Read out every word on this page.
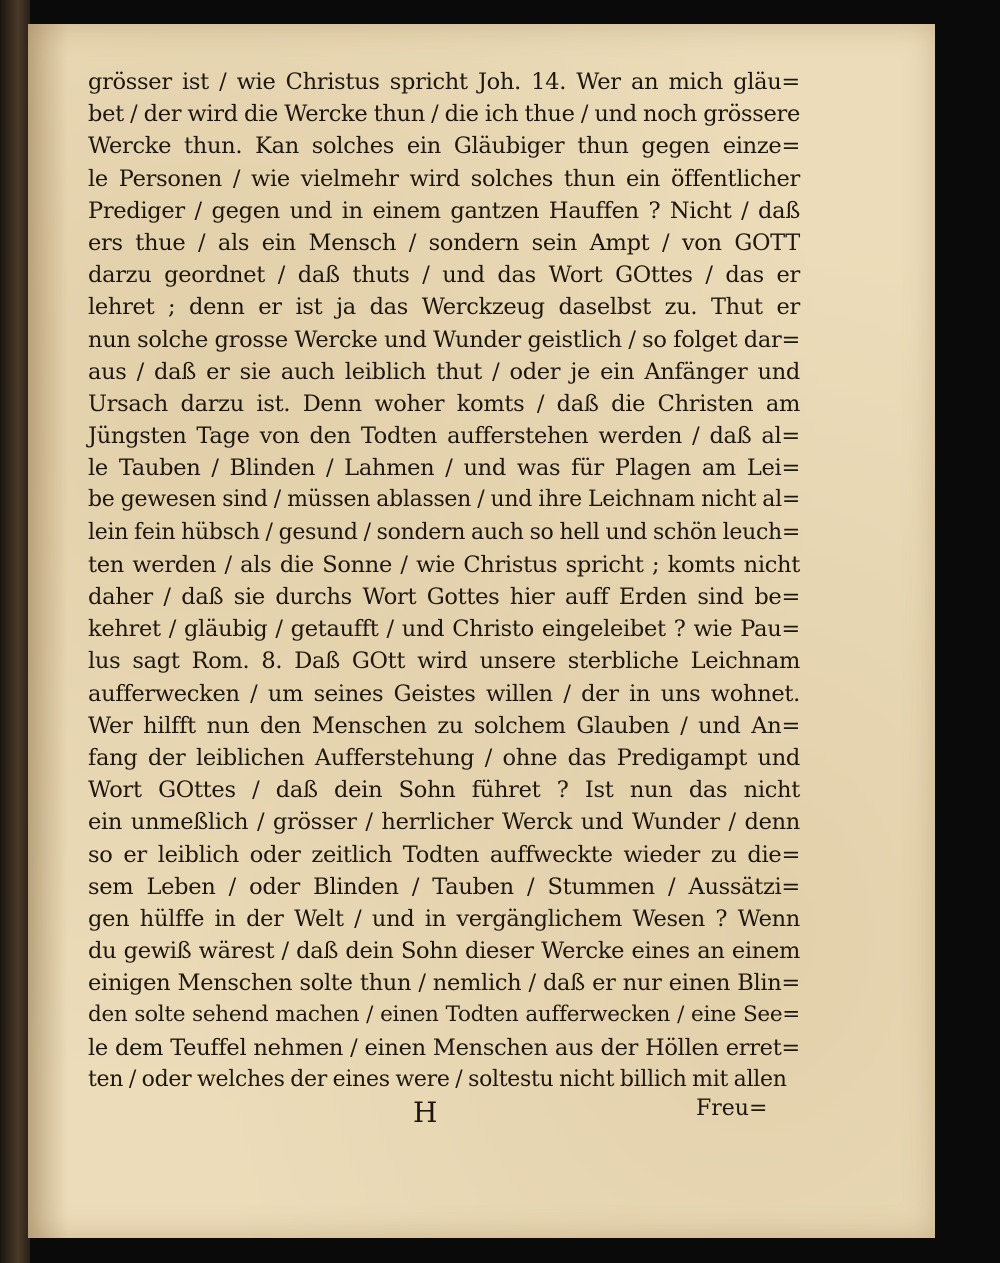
grösser ist / wie Christus spricht Joh. 14. Wer an mich gläu=
bet / der wird die Wercke thun / die ich thue / und noch grössere
Wercke thun. Kan solches ein Gläubiger thun gegen einze=
le Personen / wie vielmehr wird solches thun ein öffentlicher
Prediger / gegen und in einem gantzen Hauffen ? Nicht / daß
ers thue / als ein Mensch / sondern sein Ampt / von GOTT
darzu geordnet / daß thuts / und das Wort GOttes / das er
lehret ; denn er ist ja das Werckzeug daselbst zu. Thut er
nun solche grosse Wercke und Wunder geistlich / so folget dar=
aus / daß er sie auch leiblich thut / oder je ein Anfänger und
Ursach darzu ist. Denn woher komts / daß die Christen am
Jüngsten Tage von den Todten aufferstehen werden / daß al=
le Tauben / Blinden / Lahmen / und was für Plagen am Lei=
be gewesen sind / müssen ablassen / und ihre Leichnam nicht al=
lein fein hübsch / gesund / sondern auch so hell und schön leuch=
ten werden / als die Sonne / wie Christus spricht ; komts nicht
daher / daß sie durchs Wort Gottes hier auff Erden sind be=
kehret / gläubig / getaufft / und Christo eingeleibet ? wie Pau=
lus sagt Rom. 8. Daß GOtt wird unsere sterbliche Leichnam
aufferwecken / um seines Geistes willen / der in uns wohnet.
Wer hilfft nun den Menschen zu solchem Glauben / und An=
fang der leiblichen Aufferstehung / ohne das Predigampt und
Wort GOttes / daß dein Sohn führet ? Ist nun das nicht
ein unmeßlich / grösser / herrlicher Werck und Wunder / denn
so er leiblich oder zeitlich Todten auffweckte wieder zu die=
sem Leben / oder Blinden / Tauben / Stummen / Aussätzi=
gen hülffe in der Welt / und in vergänglichem Wesen ? Wenn
du gewiß wärest / daß dein Sohn dieser Wercke eines an einem
einigen Menschen solte thun / nemlich / daß er nur einen Blin=
den solte sehend machen / einen Todten aufferwecken / eine See=
le dem Teuffel nehmen / einen Menschen aus der Höllen erret=
ten / oder welches der eines were / soltestu nicht billich mit allen
H	Freu=
